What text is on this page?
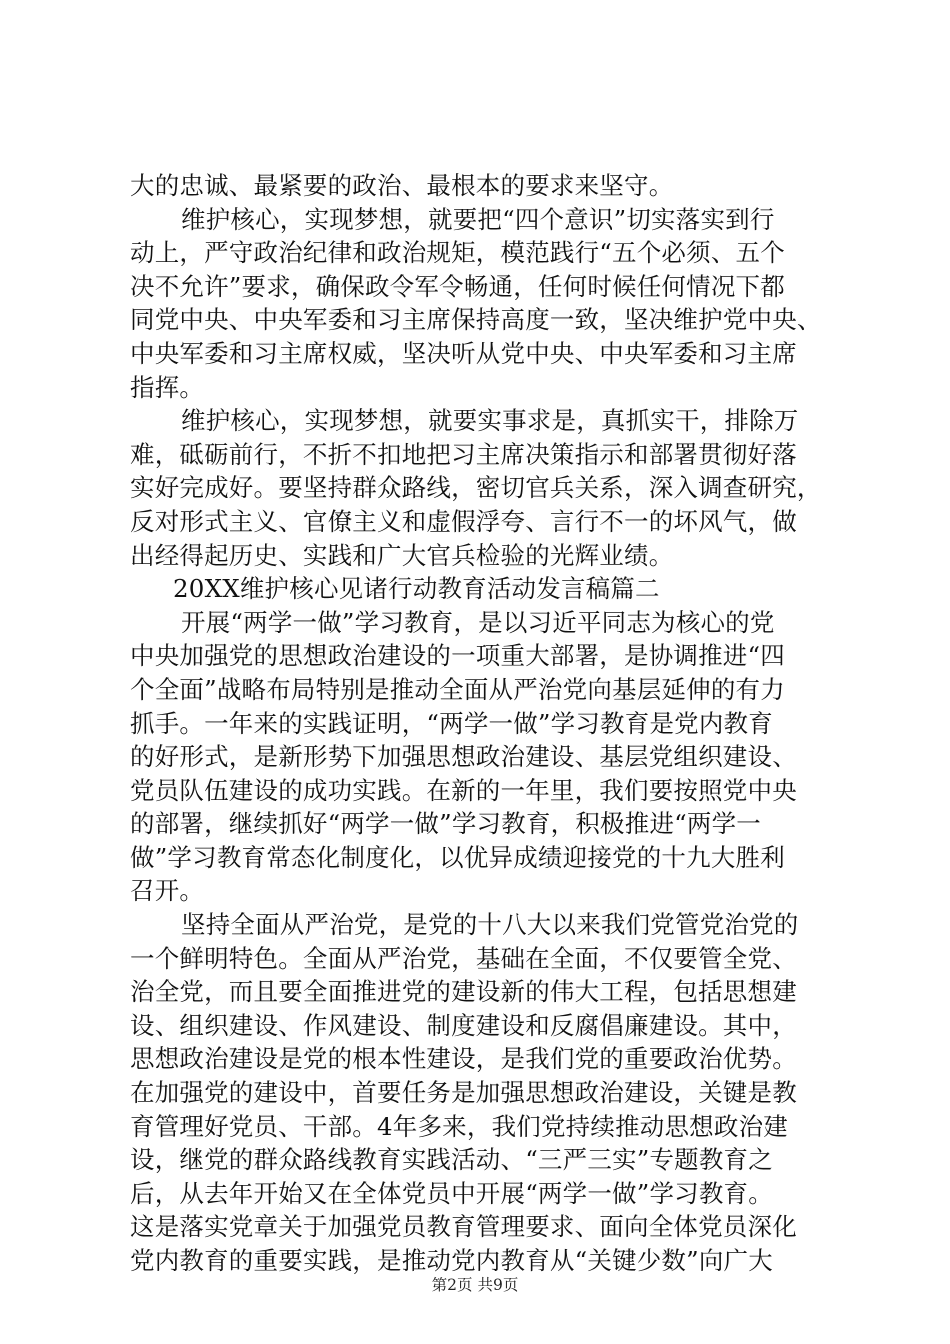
大的忠诚、最紧要的政治、最根本的要求来坚守。
维护核心，实现梦想，就要把“四个意识”切实落实到行
动上，严守政治纪律和政治规矩，模范践行“五个必须、五个
决不允许”要求，确保政令军令畅通，任何时候任何情况下都
同党中央、中央军委和习主席保持高度一致，坚决维护党中央、
中央军委和习主席权威，坚决听从党中央、中央军委和习主席
指挥。
维护核心，实现梦想，就要实事求是，真抓实干，排除万
难，砥砺前行，不折不扣地把习主席决策指示和部署贯彻好落
实好完成好。要坚持群众路线，密切官兵关系，深入调查研究，
反对形式主义、官僚主义和虚假浮夸、言行不一的坏风气，做
出经得起历史、实践和广大官兵检验的光辉业绩。
20XX维护核心见诸行动教育活动发言稿篇二
开展“两学一做”学习教育，是以习近平同志为核心的党
中央加强党的思想政治建设的一项重大部署，是协调推进“四
个全面”战略布局特别是推动全面从严治党向基层延伸的有力
抓手。一年来的实践证明，“两学一做”学习教育是党内教育
的好形式，是新形势下加强思想政治建设、基层党组织建设、
党员队伍建设的成功实践。在新的一年里，我们要按照党中央
的部署，继续抓好“两学一做”学习教育，积极推进“两学一
做”学习教育常态化制度化，以优异成绩迎接党的十九大胜利
召开。
坚持全面从严治党，是党的十八大以来我们党管党治党的
一个鲜明特色。全面从严治党，基础在全面，不仅要管全党、
治全党，而且要全面推进党的建设新的伟大工程，包括思想建
设、组织建设、作风建设、制度建设和反腐倡廉建设。其中，
思想政治建设是党的根本性建设，是我们党的重要政治优势。
在加强党的建设中，首要任务是加强思想政治建设，关键是教
育管理好党员、干部。4年多来，我们党持续推动思想政治建
设，继党的群众路线教育实践活动、“三严三实”专题教育之
后，从去年开始又在全体党员中开展“两学一做”学习教育。
这是落实党章关于加强党员教育管理要求、面向全体党员深化
党内教育的重要实践，是推动党内教育从“关键少数”向广大
第2页 共9页
